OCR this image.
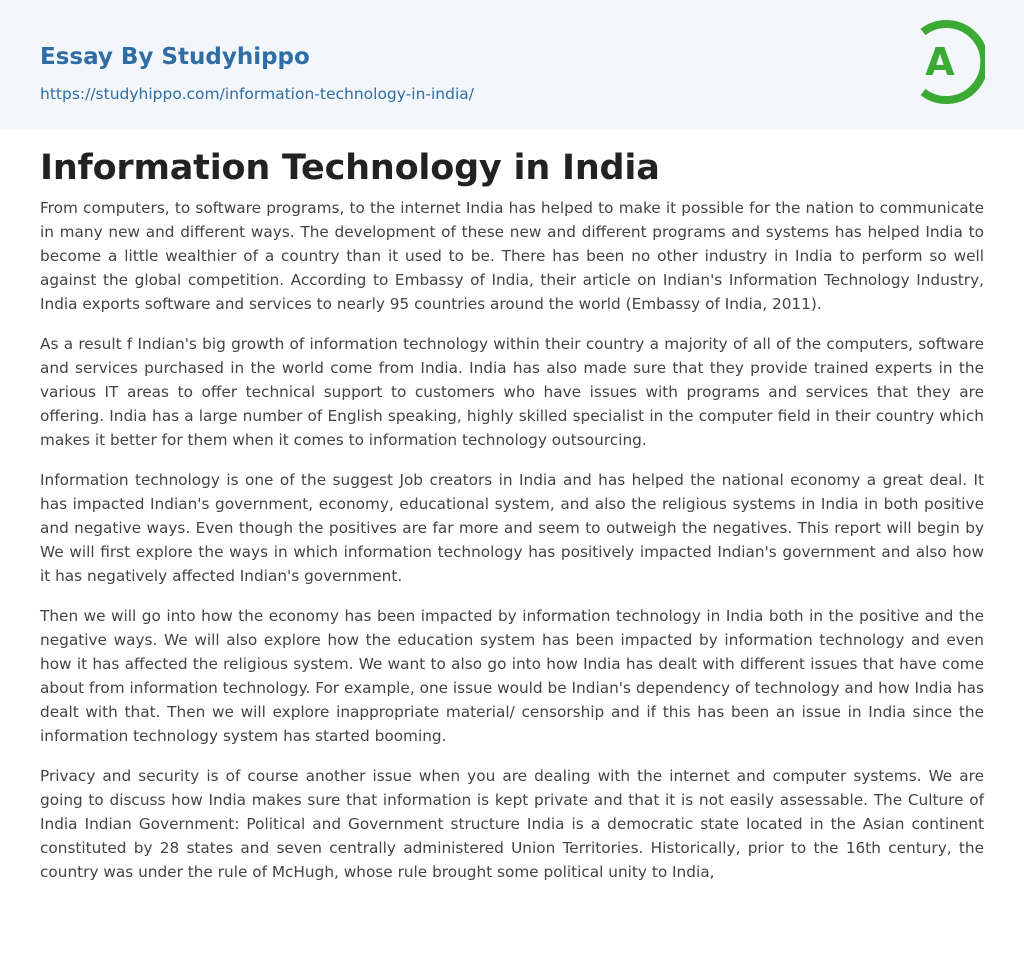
Essay By Studyhippo
https://studyhippo.com/information-technology-in-india/
A
Information Technology in India

From computers, to software programs, to the internet India has helped to make it possible for the nation to communicate in many new and different ways. The development of these new and different programs and systems has helped India to become a little wealthier of a country than it used to be. There has been no other industry in India to perform so well against the global competition. According to Embassy of India, their article on Indian's Information Technology Industry, India exports software and services to nearly 95 countries around the world (Embassy of India, 2011).

As a result f Indian's big growth of information technology within their country a majority of all of the computers, software and services purchased in the world come from India. India has also made sure that they provide trained experts in the various IT areas to offer technical support to customers who have issues with programs and services that they are offering. India has a large number of English speaking, highly skilled specialist in the computer field in their country which makes it better for them when it comes to information technology outsourcing.

Information technology is one of the suggest Job creators in India and has helped the national economy a great deal. It has impacted Indian's government, economy, educational system, and also the religious systems in India in both positive and negative ways. Even though the positives are far more and seem to outweigh the negatives. This report will begin by We will first explore the ways in which information technology has positively impacted Indian's government and also how it has negatively affected Indian's government.

Then we will go into how the economy has been impacted by information technology in India both in the positive and the negative ways. We will also explore how the education system has been impacted by information technology and even how it has affected the religious system. We want to also go into how India has dealt with different issues that have come about from information technology. For example, one issue would be Indian's dependency of technology and how India has dealt with that. Then we will explore inappropriate material/ censorship and if this has been an issue in India since the information technology system has started booming.

Privacy and security is of course another issue when you are dealing with the internet and computer systems. We are going to discuss how India makes sure that information is kept private and that it is not easily assessable. The Culture of India Indian Government: Political and Government structure India is a democratic state located in the Asian continent constituted by 28 states and seven centrally administered Union Territories. Historically, prior to the 16th century, the country was under the rule of McHugh, whose rule brought some political unity to India,
